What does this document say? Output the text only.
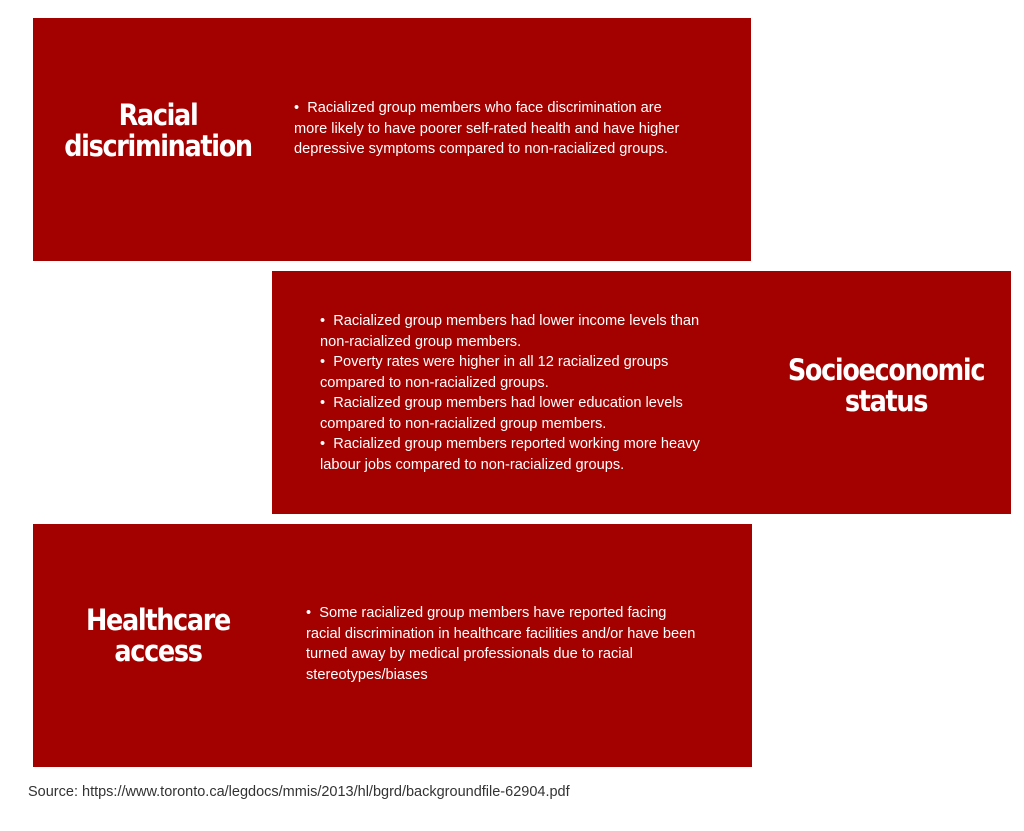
Racial
discrimination
• Racialized group members who face discrimination are
more likely to have poorer self-rated health and have higher
depressive symptoms compared to non-racialized groups.
• Racialized group members had lower income levels than
non-racialized group members.
• Poverty rates were higher in all 12 racialized groups
compared to non-racialized groups.
• Racialized group members had lower education levels
compared to non-racialized group members.
• Racialized group members reported working more heavy
labour jobs compared to non-racialized groups.
Socioeconomic
status
Healthcare
access
• Some racialized group members have reported facing
racial discrimination in healthcare facilities and/or have been
turned away by medical professionals due to racial
stereotypes/biases
Source: https://www.toronto.ca/legdocs/mmis/2013/hl/bgrd/backgroundfile-62904.pdf
